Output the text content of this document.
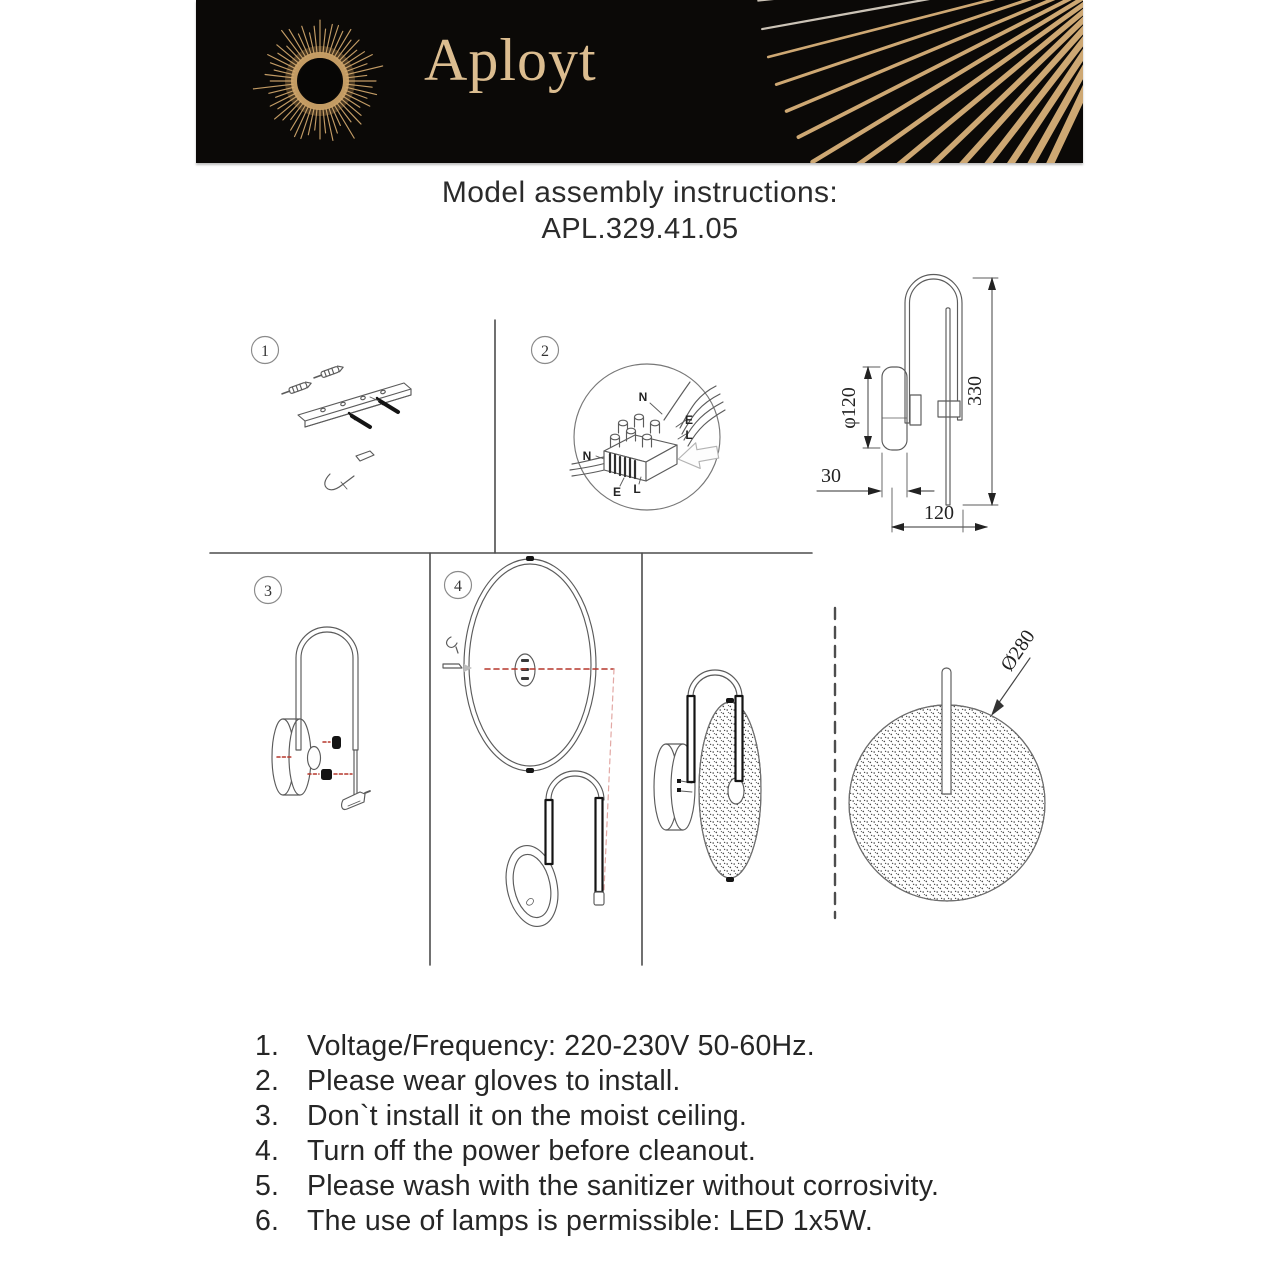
Aployt
Model assembly instructions:
APL.329.41.05
1	2
3	4
N
E
L
N
E L
330
φ120
30
120
Ø280
1. Voltage/Frequency: 220-230V 50-60Hz.
2. Please wear gloves to install.
3. Don`t install it on the moist ceiling.
4. Turn off the power before cleanout.
5. Please wash with the sanitizer without corrosivity.
6. The use of lamps is permissible: LED 1x5W.
